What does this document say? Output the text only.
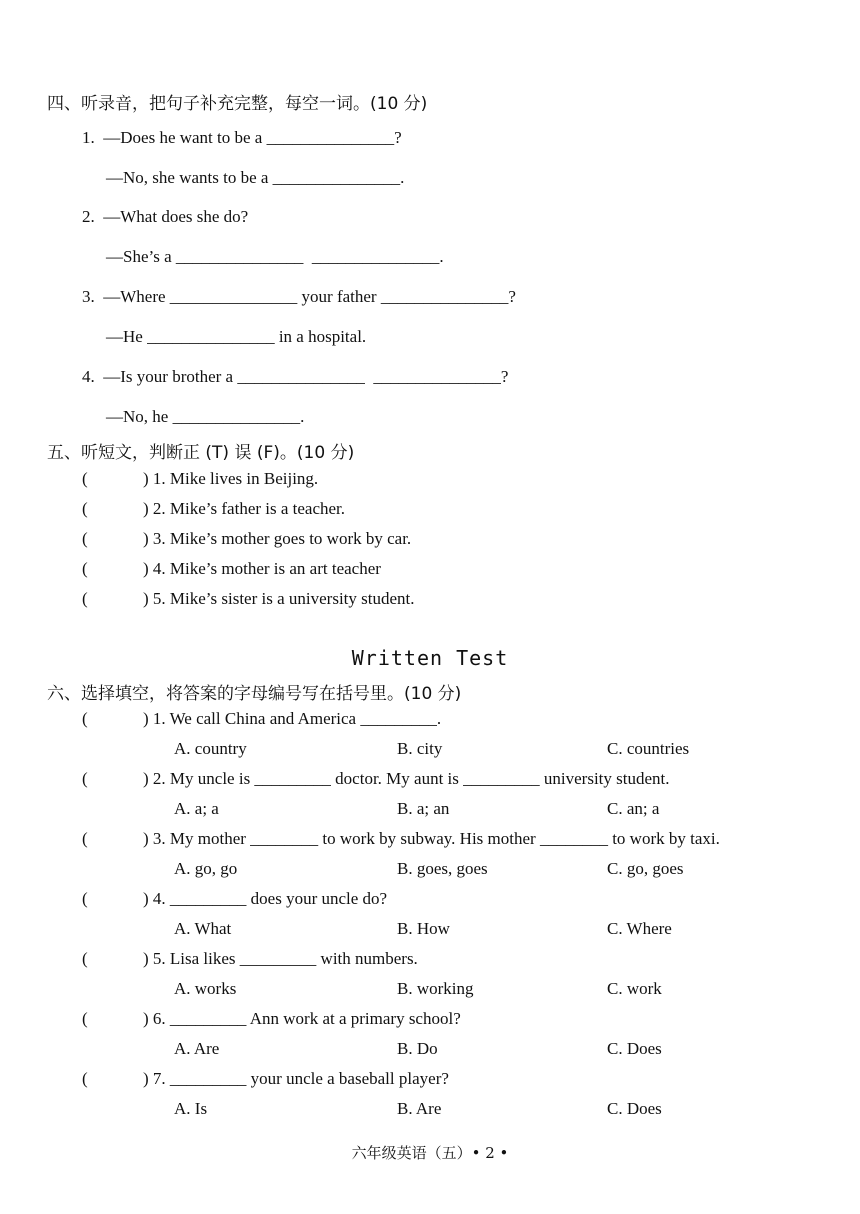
四、听录音，把句子补充完整，每空一词。(10 分)
1.  —Does he want to be a _______________?
—No, she wants to be a _______________.
2.  —What does she do?
—She’s a _______________  _______________.
3.  —Where _______________ your father _______________?
—He _______________ in a hospital.
4.  —Is your brother a _______________  _______________?
—No, he _______________.
五、听短文，判断正 (T) 误 (F)。(10 分)
(	) 1. Mike lives in Beijing.
(	) 2. Mike’s father is a teacher.
(	) 3. Mike’s mother goes to work by car.
(	) 4. Mike’s mother is an art teacher
(	) 5. Mike’s sister is a university student.
Written Test
六、选择填空，将答案的字母编号写在括号里。(10 分)
(	) 1. We call China and America _________.
A. country	B. city	C. countries
(	) 2. My uncle is _________ doctor. My aunt is _________ university student.
A. a; a	B. a; an	C. an; a
(	) 3. My mother ________ to work by subway. His mother ________ to work by taxi.
A. go, go	B. goes, goes	C. go, goes
(	) 4. _________ does your uncle do?
A. What	B. How	C. Where
(	) 5. Lisa likes _________ with numbers.
A. works	B. working	C. work
(	) 6. _________ Ann work at a primary school?
A. Are	B. Do	C. Does
(	) 7. _________ your uncle a baseball player?
A. Is	B. Are	C. Does
六年级英语（五）• 2 •
